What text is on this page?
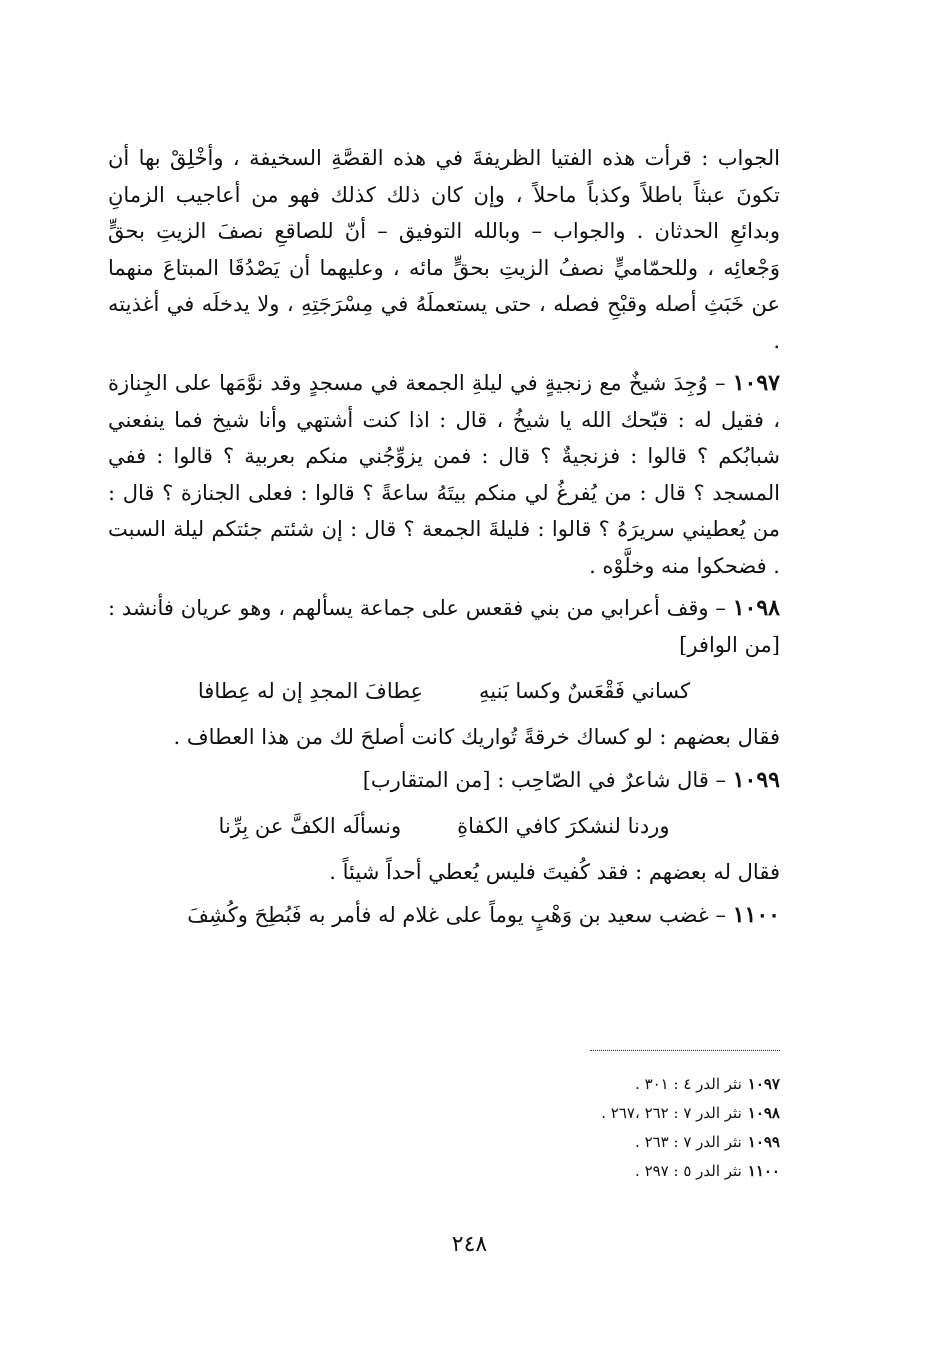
الجواب : قرأت هذه الفتيا الظريفةَ في هذه القصَّةِ السخيفة ، وأخْلِقْ بها أن تكونَ عبثاً باطلاً وكذباً ماحلاً ، وإن كان ذلك كذلك فهو من أعاجيب الزمانِ وبدائعِ الحدثان . والجواب – وبالله التوفيق – أنّ للصاقعِ نصفَ الزيتِ بحقٍّ وَجْعائِه ، وللحمّاميٍّ نصفُ الزيتِ بحقٍّ مائه ، وعليهما أن يَصْدُقَا المبتاعَ منهما عن خَبَثِ أصله وقبْحِ فصله ، حتى يستعملَهُ في مِسْرَجَتِهِ ، ولا يدخلَه في أغذيته .

١٠٩٧ – وُجِدَ شيخٌ مع زنجيةٍ في ليلةِ الجمعة في مسجدٍ وقد نوَّمَها على الجِنازة ، فقيل له : قبّحك الله يا شيخُ ، قال : اذا كنت أشتهي وأنا شيخ فما ينفعني شبابُكم ؟ قالوا : فزنجيةٌ ؟ قال : فمن يزوِّجُني منكم بعربية ؟ قالوا : ففي المسجد ؟ قال : من يُفرغُ لي منكم بيتَهُ ساعةً ؟ قالوا : فعلى الجنازة ؟ قال : من يُعطيني سريرَهُ ؟ قالوا : فليلةَ الجمعة ؟ قال : إن شئتم جئتكم ليلة السبت . فضحكوا منه وخلَّوْه .

١٠٩٨ – وقف أعرابي من بني فقعس على جماعة يسألهم ، وهو عريان فأنشد : [من الوافر]

كساني فَقْعَسٌ وكسا بَنيهِ
عِطافَ المجدِ إن له عِطافا

فقال بعضهم : لو كساك خرقةً تُواريك كانت أصلحَ لك من هذا العطاف .

١٠٩٩ – قال شاعرٌ في الصّاحِب : [من المتقارب]

وردنا لنشكرَ كافي الكفاةِ
ونسألَه الكفَّ عن بِرِّنا

فقال له بعضهم : فقد كُفيتَ فليس يُعطي أحداً شيئاً .

١١٠٠ – غضب سعيد بن وَهْبٍ يوماً على غلام له فأمر به فَبُطِحَ وكُشِفَ

١٠٩٧نثر الدر ٤ : ٣٠١ .

١٠٩٨نثر الدر ٧ : ٢٦٢ ،٢٦٧ .

١٠٩٩نثر الدر ٧ : ٢٦٣ .

١١٠٠نثر الدر ٥ : ٢٩٧ .

٢٤٨
